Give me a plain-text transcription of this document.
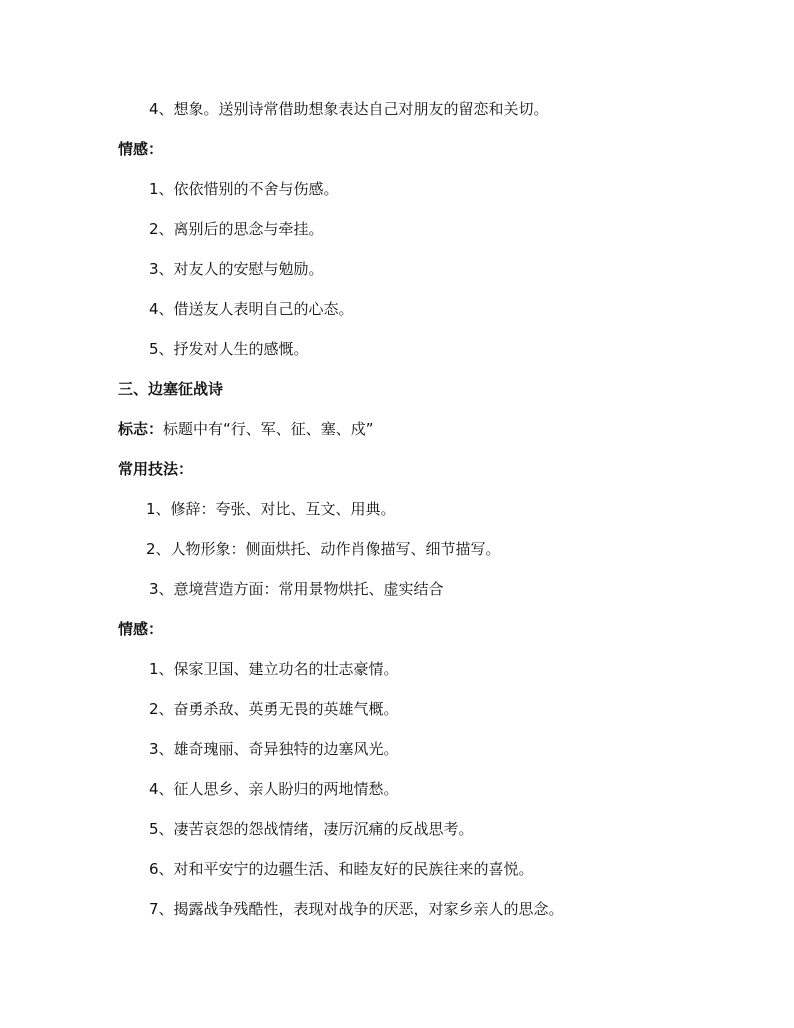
4、想象。送别诗常借助想象表达自己对朋友的留恋和关切。
情感：
1、依依惜别的不舍与伤感。
2、离别后的思念与牵挂。
3、对友人的安慰与勉励。
4、借送友人表明自己的心态。
5、抒发对人生的感慨。
三、边塞征战诗
标志：标题中有“行、军、征、塞、戍”
常用技法：
1、修辞：夸张、对比、互文、用典。
2、人物形象：侧面烘托、动作肖像描写、细节描写。
3、意境营造方面：常用景物烘托、虚实结合
情感：
1、保家卫国、建立功名的壮志豪情。
2、奋勇杀敌、英勇无畏的英雄气概。
3、雄奇瑰丽、奇异独特的边塞风光。
4、征人思乡、亲人盼归的两地情愁。
5、凄苦哀怨的怨战情绪，凄厉沉痛的反战思考。
6、对和平安宁的边疆生活、和睦友好的民族往来的喜悦。
7、揭露战争残酷性，表现对战争的厌恶，对家乡亲人的思念。
